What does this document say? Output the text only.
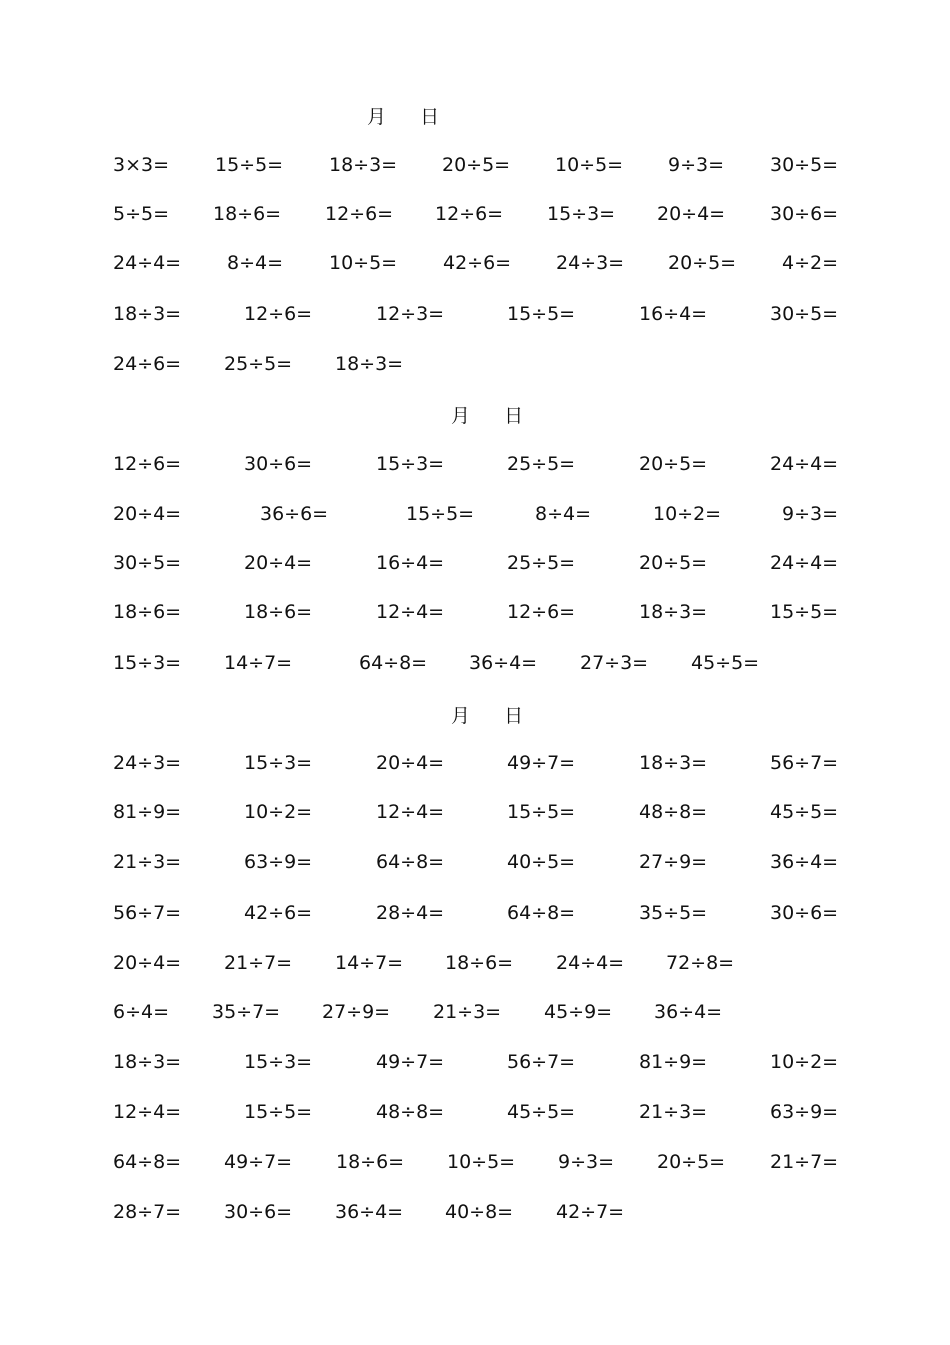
月 日
3×3= 15÷5= 18÷3= 20÷5= 10÷5= 9÷3= 30÷5=
5÷5= 18÷6= 12÷6= 12÷6= 15÷3= 20÷4= 30÷6=
24÷4= 8÷4= 10÷5= 42÷6= 24÷3= 20÷5= 4÷2=
18÷3=	12÷6=	12÷3=	15÷5=	16÷4=	30÷5=
24÷6= 25÷5= 18÷3=
月 日
12÷6=	30÷6=	15÷3=	25÷5=	20÷5=	24÷4=
20÷4=	36÷6=	15÷5=	8÷4=	10÷2=	9÷3=
30÷5=	20÷4=	16÷4=	25÷5=	20÷5=	24÷4=
18÷6=	18÷6=	12÷4=	12÷6=	18÷3=	15÷5=
15÷3= 14÷7=	64÷8= 36÷4= 27÷3= 45÷5=
月 日
24÷3=	15÷3=	20÷4=	49÷7=	18÷3=	56÷7=
81÷9=	10÷2=	12÷4=	15÷5=	48÷8=	45÷5=
21÷3=	63÷9=	64÷8=	40÷5=	27÷9=	36÷4=
56÷7=	42÷6=	28÷4=	64÷8=	35÷5=	30÷6=
20÷4= 21÷7= 14÷7= 18÷6= 24÷4= 72÷8=
6÷4= 35÷7= 27÷9= 21÷3= 45÷9= 36÷4=
18÷3=	15÷3=	49÷7=	56÷7=	81÷9=	10÷2=
12÷4=	15÷5=	48÷8=	45÷5=	21÷3=	63÷9=
64÷8= 49÷7= 18÷6= 10÷5= 9÷3= 20÷5= 21÷7=
28÷7= 30÷6= 36÷4= 40÷8= 42÷7=
